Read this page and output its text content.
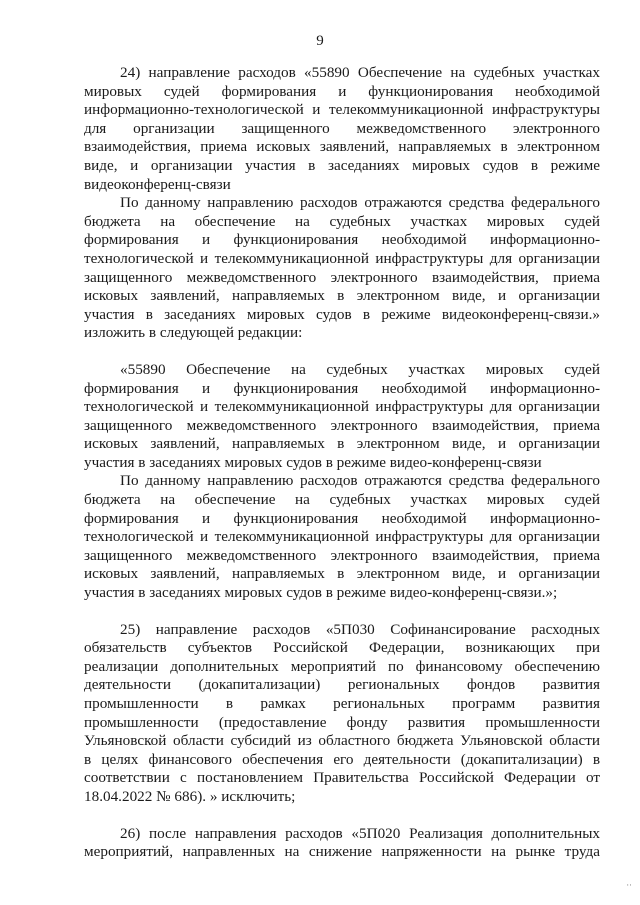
9
24) направление расходов «55890 Обеспечение на судебных участках
мировых судей формирования и функционирования необходимой
информационно-технологической и телекоммуникационной инфраструктуры
для организации защищенного межведомственного электронного
взаимодействия, приема исковых заявлений, направляемых в электронном
виде, и организации участия в заседаниях мировых судов в режиме
видеоконференц-связи
По данному направлению расходов отражаются средства федерального
бюджета на обеспечение на судебных участках мировых судей
формирования и функционирования необходимой информационно-
технологической и телекоммуникационной инфраструктуры для организации
защищенного межведомственного электронного взаимодействия, приема
исковых заявлений, направляемых в электронном виде, и организации
участия в заседаниях мировых судов в режиме видеоконференц-связи.»
изложить в следующей редакции:
«55890 Обеспечение на судебных участках мировых судей
формирования и функционирования необходимой информационно-
технологической и телекоммуникационной инфраструктуры для организации
защищенного межведомственного электронного взаимодействия, приема
исковых заявлений, направляемых в электронном виде, и организации
участия в заседаниях мировых судов в режиме видео-конференц-связи
По данному направлению расходов отражаются средства федерального
бюджета на обеспечение на судебных участках мировых судей
формирования и функционирования необходимой информационно-
технологической и телекоммуникационной инфраструктуры для организации
защищенного межведомственного электронного взаимодействия, приема
исковых заявлений, направляемых в электронном виде, и организации
участия в заседаниях мировых судов в режиме видео-конференц-связи.»;
25) направление расходов «5П030 Софинансирование расходных
обязательств субъектов Российской Федерации, возникающих при
реализации дополнительных мероприятий по финансовому обеспечению
деятельности (докапитализации) региональных фондов развития
промышленности в рамках региональных программ развития
промышленности (предоставление фонду развития промышленности
Ульяновской области субсидий из областного бюджета Ульяновской области
в целях финансового обеспечения его деятельности (докапитализации) в
соответствии с постановлением Правительства Российской Федерации от
18.04.2022 № 686). » исключить;
26) после направления расходов «5П020 Реализация дополнительных
мероприятий, направленных на снижение напряженности на рынке труда
··
